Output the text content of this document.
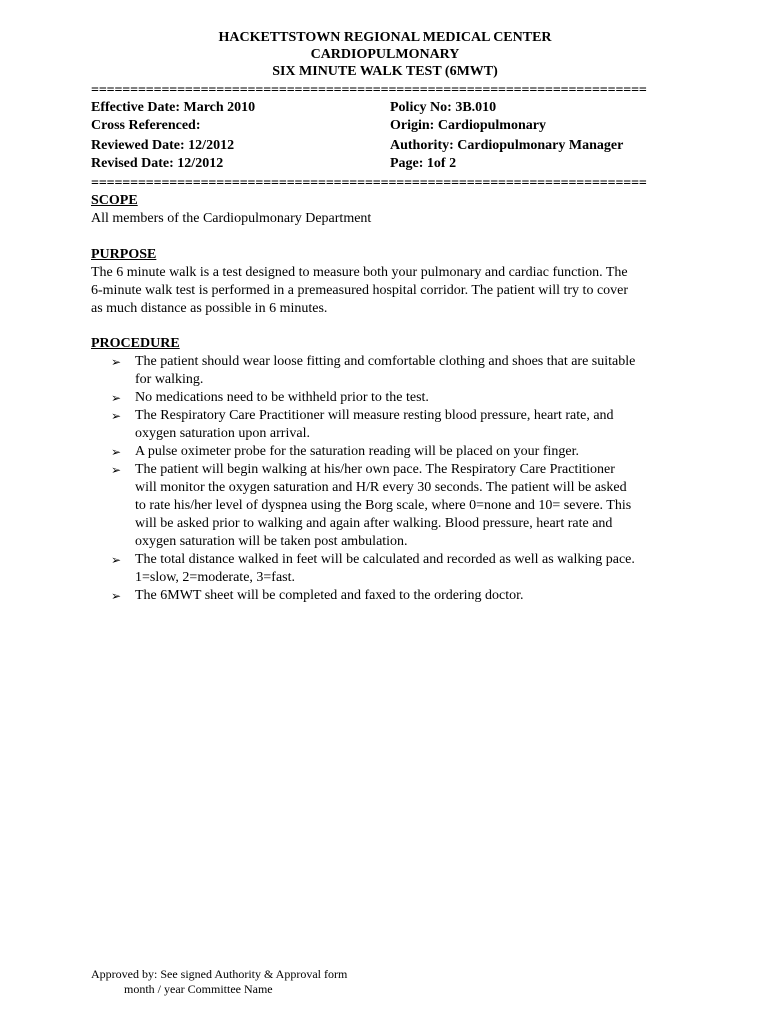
HACKETTSTOWN REGIONAL MEDICAL CENTER
CARDIOPULMONARY
SIX MINUTE WALK TEST (6MWT)
=======================================================================
Effective Date: March 2010	Policy No: 3B.010
Cross Referenced:	Origin: Cardiopulmonary
Reviewed Date: 12/2012	Authority: Cardiopulmonary Manager
Revised Date: 12/2012	Page: 1of 2
=======================================================================
SCOPE
All members of the Cardiopulmonary Department
PURPOSE
The 6 minute walk is a test designed to measure both your pulmonary and cardiac function. The
6-minute walk test is performed in a premeasured hospital corridor. The patient will try to cover
as much distance as possible in 6 minutes.
PROCEDURE
➢ The patient should wear loose fitting and comfortable clothing and shoes that are suitable
for walking.
➢ No medications need to be withheld prior to the test.
➢ The Respiratory Care Practitioner will measure resting blood pressure, heart rate, and
oxygen saturation upon arrival.
➢ A pulse oximeter probe for the saturation reading will be placed on your finger.
➢ The patient will begin walking at his/her own pace. The Respiratory Care Practitioner
will monitor the oxygen saturation and H/R every 30 seconds. The patient will be asked
to rate his/her level of dyspnea using the Borg scale, where 0=none and 10= severe. This
will be asked prior to walking and again after walking. Blood pressure, heart rate and
oxygen saturation will be taken post ambulation.
➢ The total distance walked in feet will be calculated and recorded as well as walking pace.
1=slow, 2=moderate, 3=fast.
➢ The 6MWT sheet will be completed and faxed to the ordering doctor.
Approved by: See signed Authority & Approval form
month / year Committee Name
